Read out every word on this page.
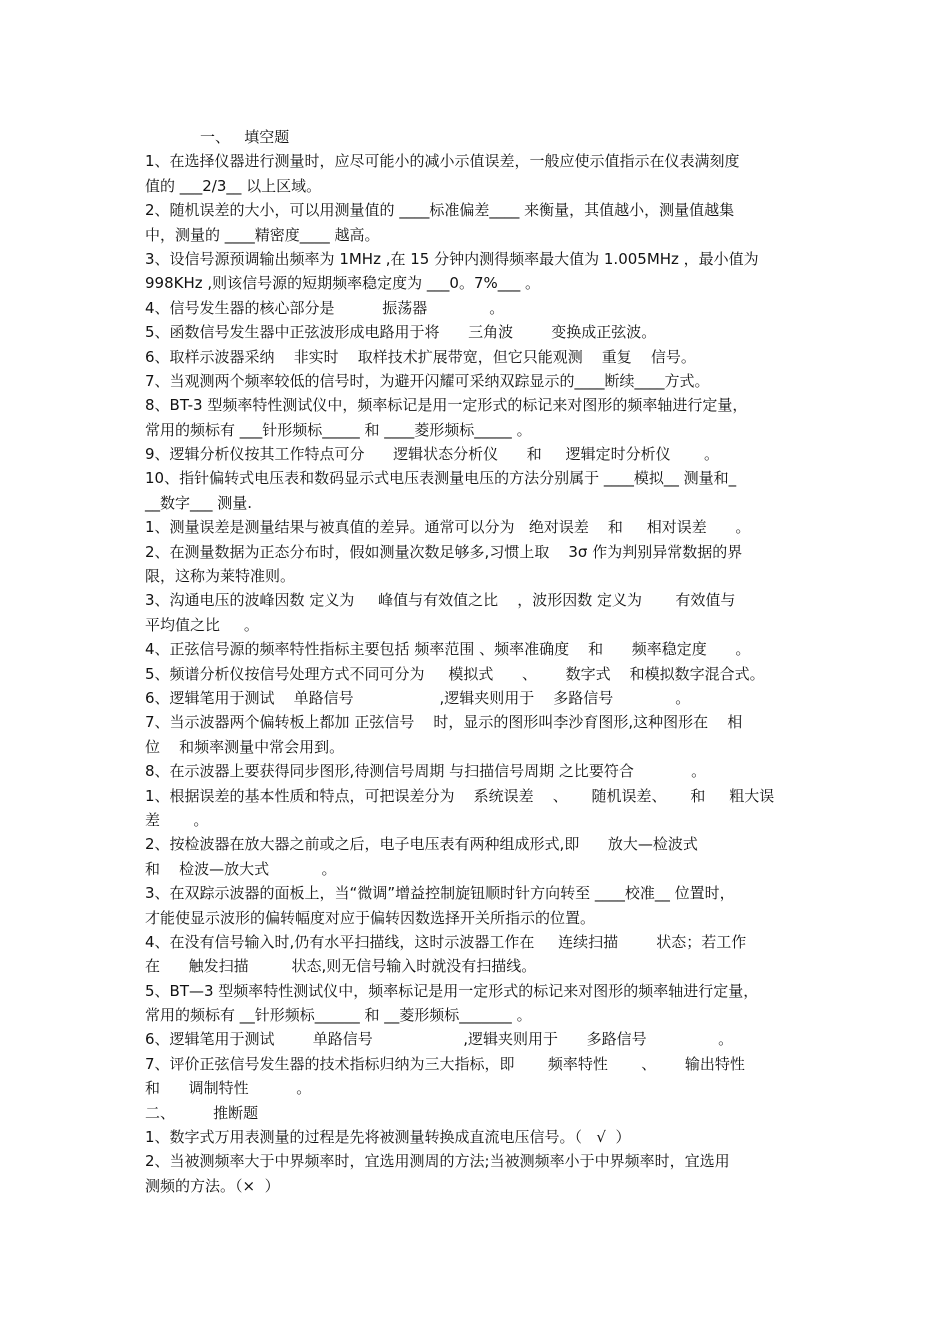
一、   填空题
1、在选择仪器进行测量时，应尽可能小的减小示值误差，一般应使示值指示在仪表满刻度
值的 ___2/3__ 以上区域。
2、随机误差的大小，可以用测量值的 ____标准偏差____ 来衡量，其值越小，测量值越集
中，测量的 ____精密度____ 越高。
3、设信号源预调输出频率为 1MHz ,在 15 分钟内测得频率最大值为 1.005MHz ，最小值为
998KHz ,则该信号源的短期频率稳定度为 ___0。7%___ 。
4、信号发生器的核心部分是          振荡器             。
5、函数信号发生器中正弦波形成电路用于将      三角波        变换成正弦波。
6、取样示波器采纳    非实时    取样技术扩展带宽，但它只能观测    重复    信号。
7、当观测两个频率较低的信号时，为避开闪耀可采纳双踪显示的____断续____方式。
8、BT-3 型频率特性测试仪中，频率标记是用一定形式的标记来对图形的频率轴进行定量，
常用的频标有 ___针形频标_____ 和 ____菱形频标_____ 。
9、逻辑分析仪按其工作特点可分      逻辑状态分析仪      和     逻辑定时分析仪       。
10、指针偏转式电压表和数码显示式电压表测量电压的方法分别属于 ____模拟__ 测量和_
__数字___ 测量.
1、测量误差是测量结果与被真值的差异。通常可以分为   绝对误差    和     相对误差      。
2、在测量数据为正态分布时，假如测量次数足够多,习惯上取    3σ 作为判别异常数据的界
限，这称为莱特准则。
3、沟通电压的波峰因数 定义为     峰值与有效值之比    ，波形因数 定义为       有效值与
平均值之比     。
4、正弦信号源的频率特性指标主要包括 频率范围 、频率准确度    和      频率稳定度      。
5、频谱分析仪按信号处理方式不同可分为     模拟式      、      数字式    和模拟数字混合式。
6、逻辑笔用于测试    单路信号                  ,逻辑夹则用于    多路信号             。
7、当示波器两个偏转板上都加 正弦信号    时，显示的图形叫李沙育图形,这种图形在    相
位    和频率测量中常会用到。
8、在示波器上要获得同步图形,待测信号周期 与扫描信号周期 之比要符合            。
1、根据误差的基本性质和特点，可把误差分为    系统误差    、     随机误差、     和     粗大误
差       。
2、按检波器在放大器之前或之后，电子电压表有两种组成形式,即      放大—检波式
和    检波—放大式           。
3、在双踪示波器的面板上，当“微调”增益控制旋钮顺时针方向转至 ____校准__ 位置时，
才能使显示波形的偏转幅度对应于偏转因数选择开关所指示的位置。
4、在没有信号输入时,仍有水平扫描线，这时示波器工作在     连续扫描        状态；若工作
在      触发扫描         状态,则无信号输入时就没有扫描线。
5、BT—3 型频率特性测试仪中，频率标记是用一定形式的标记来对图形的频率轴进行定量，
常用的频标有 __针形频标______ 和 __菱形频标_______ 。
6、逻辑笔用于测试        单路信号                   ,逻辑夹则用于      多路信号               。
7、评价正弦信号发生器的技术指标归纳为三大指标，即       频率特性       、      输出特性
和      调制特性          。
二、        推断题
1、数字式万用表测量的过程是先将被测量转换成直流电压信号。（   √  ）
2、当被测频率大于中界频率时，宜选用测周的方法;当被测频率小于中界频率时，宜选用
测频的方法。（×  ）
